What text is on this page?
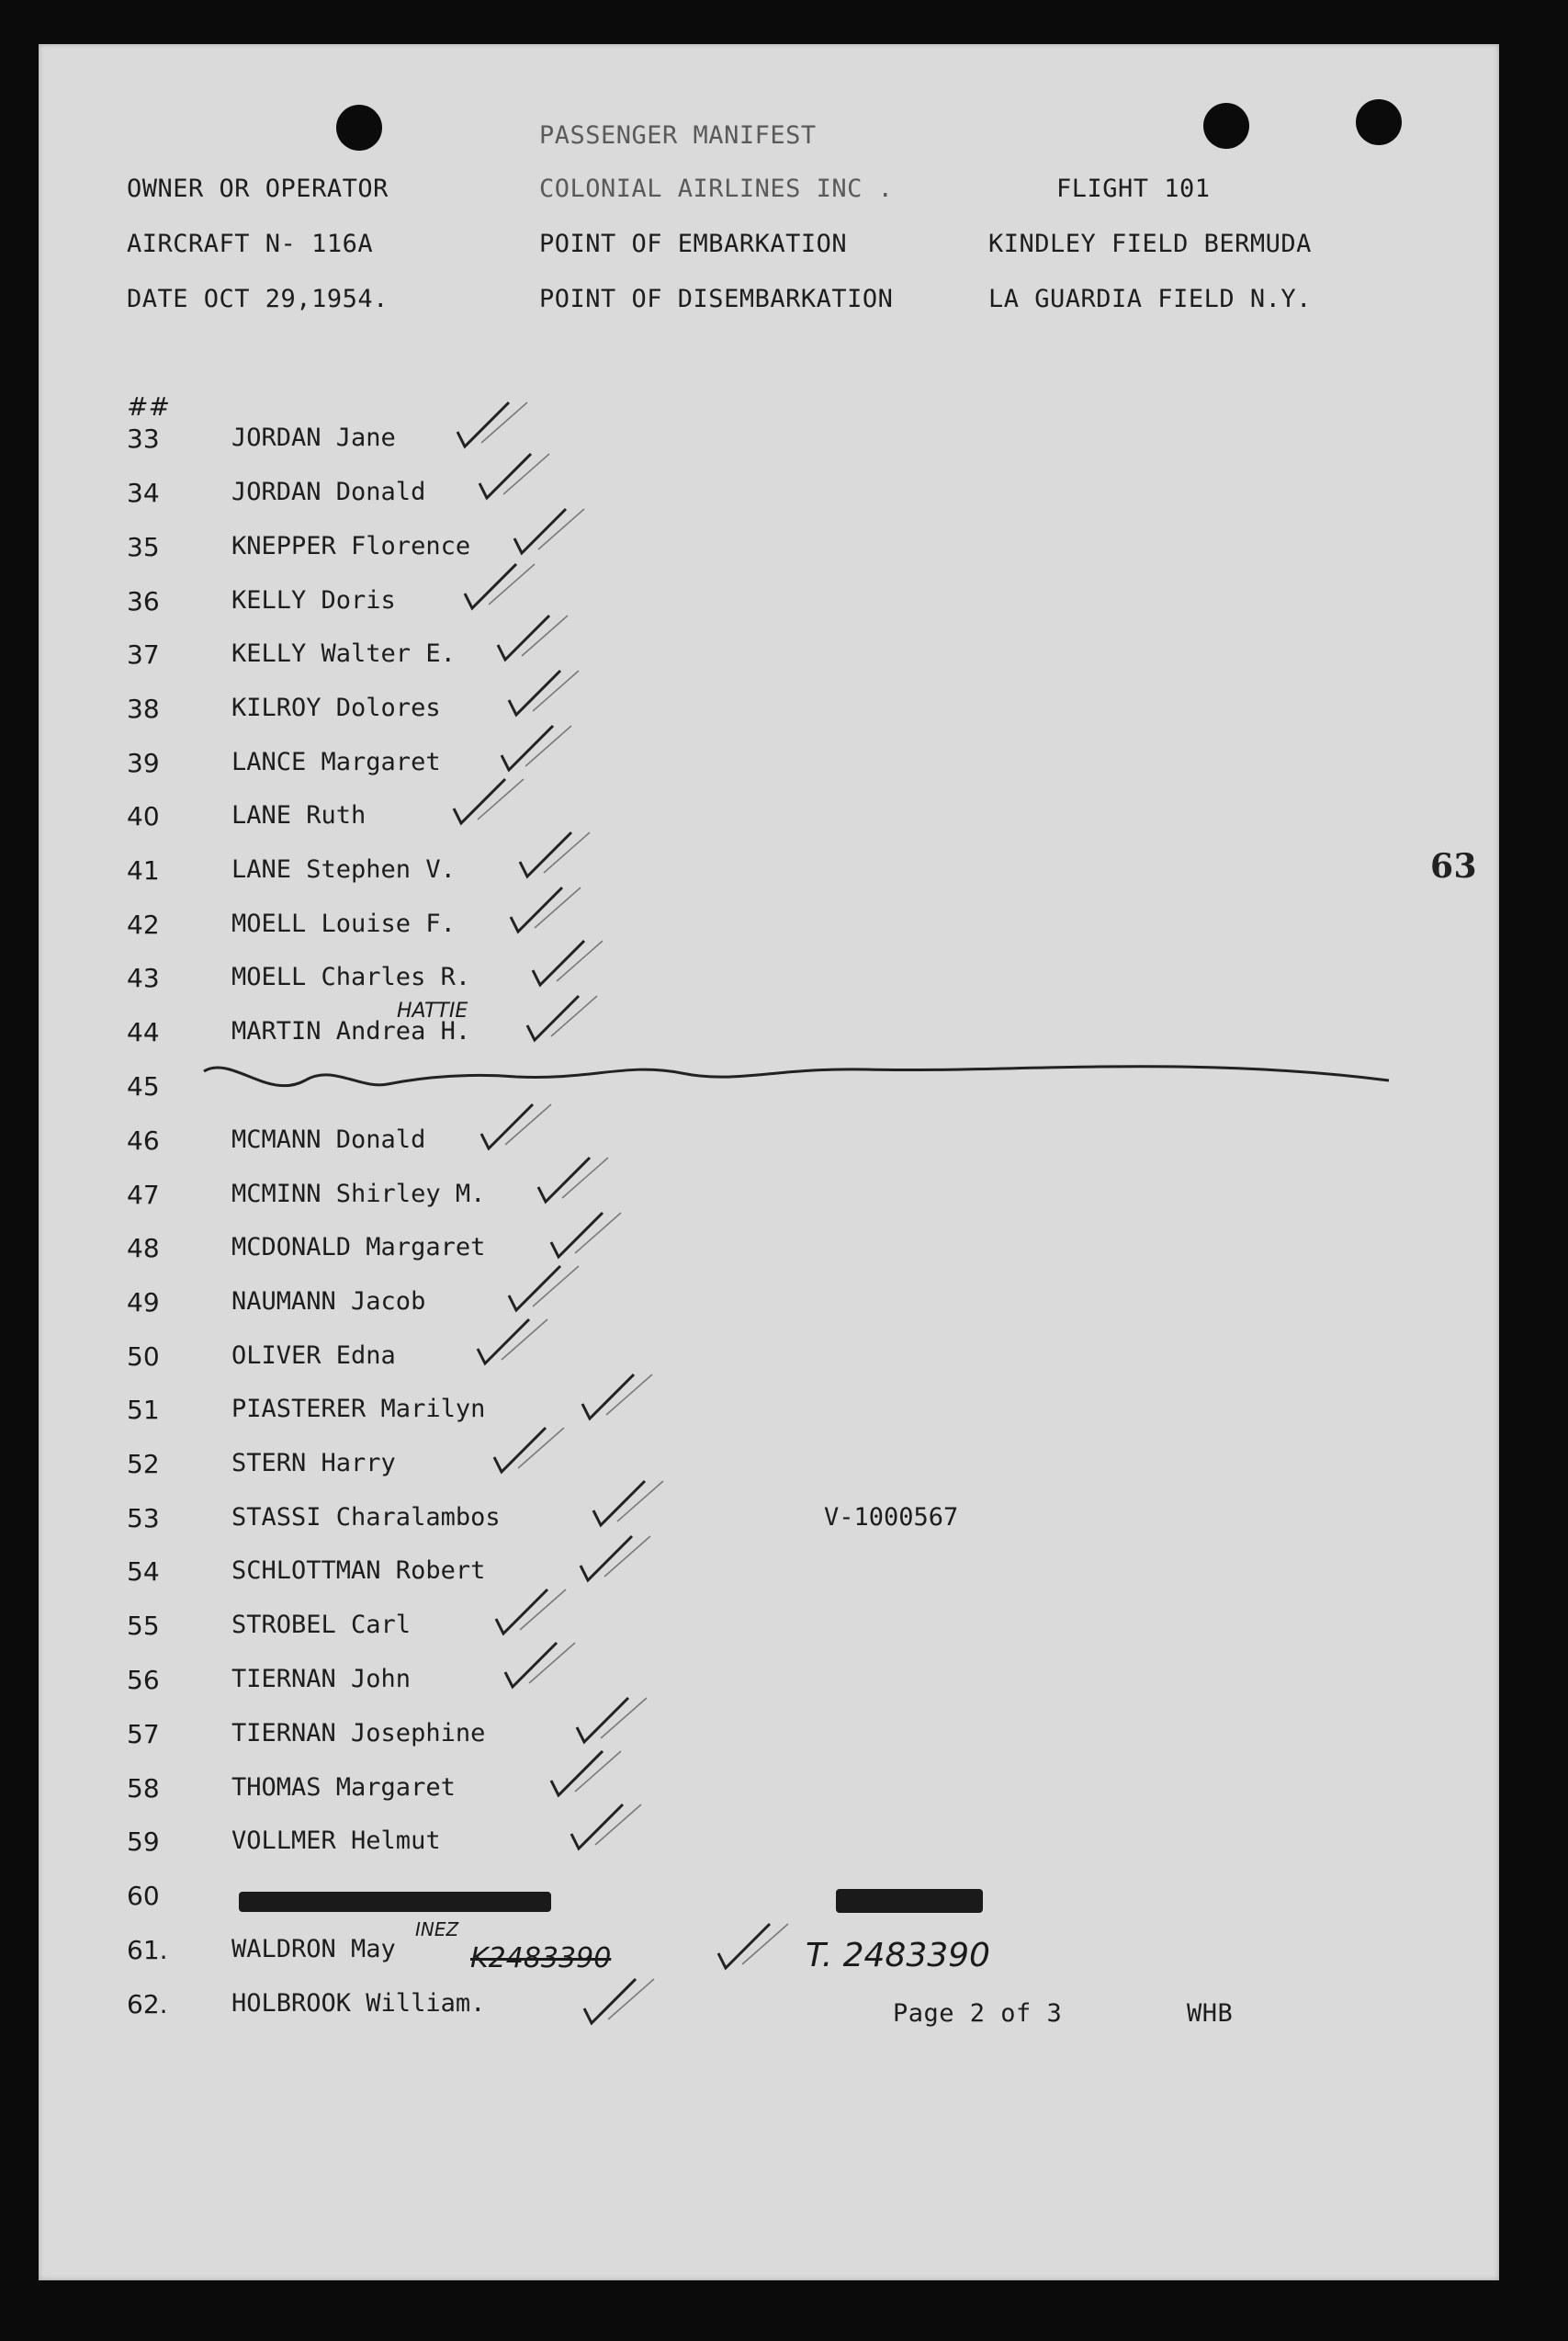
PASSENGER MANIFEST
OWNER OR OPERATOR	COLONIAL AIRLINES INC .	FLIGHT 101
AIRCRAFT N- 116A	POINT OF EMBARKATION	KINDLEY FIELD BERMUDA
DATE OCT 29,1954.	POINT OF DISEMBARKATION	LA GUARDIA FIELD N.Y.
##
63
33	JORDAN Jane
34	JORDAN Donald
35	KNEPPER Florence
36	KELLY Doris
37	KELLY Walter E.
38	KILROY Dolores
39	LANCE Margaret
40	LANE Ruth
41	LANE Stephen V.
42	MOELL Louise F.
43	MOELL Charles R.
44	MARTIN Andrea H.
45
46	MCMANN Donald
47	MCMINN Shirley M.
48	MCDONALD Margaret
49	NAUMANN Jacob
50	OLIVER Edna
51	PIASTERER Marilyn
52	STERN Harry
53	STASSI Charalambos	V-1000567
54	SCHLOTTMAN Robert
55	STROBEL Carl
56	TIERNAN John
57	TIERNAN Josephine
58	THOMAS Margaret
59	VOLLMER Helmut
60
61.	WALDRON May
62.	HOLBROOK William.
HATTIE
INEZ
K2483390	T. 2483390
Page 2 of 3	WHB
